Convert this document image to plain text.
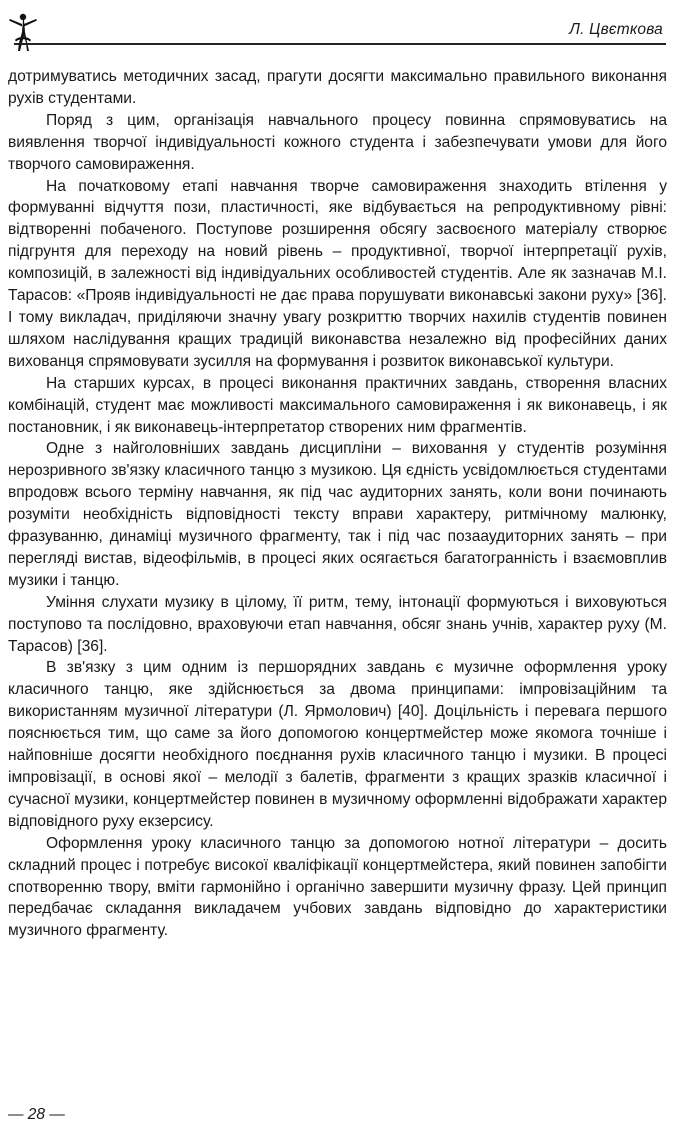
Л. Цвєткова

дотримуватись методичних засад, прагути досягти максимально правильного виконання рухів студентами.

Поряд з цим, організація навчального процесу повинна спрямовуватись на виявлення творчої індивідуальності кожного студента і забезпечувати умови для його творчого самовираження.

На початковому етапі навчання творче самовираження знаходить втілення у формуванні відчуття пози, пластичності, яке відбувається на репродуктивному рівні: відтворенні побаченого. Поступове розширення обсягу засвоєного матеріалу створює підгрунтя для переходу на новий рівень – продуктивної, творчої інтерпретації рухів, композицій, в залежності від індивідуальних особливостей студентів. Але як зазначав М.І. Тарасов: «Прояв індивідуальності не дає права порушувати виконавські закони руху» [36]. І тому викладач, приділяючи значну увагу розкриттю творчих нахилів студентів повинен шляхом наслідування кращих традицій виконавства незалежно від професійних даних вихованця спрямовувати зусилля на формування і розвиток виконавської культури.

На старших курсах, в процесі виконання практичних завдань, створення власних комбінацій, студент має можливості максимального самовираження і як виконавець, і як постановник, і як виконавець-інтерпретатор створених ним фрагментів.

Одне з найголовніших завдань дисципліни – виховання у студентів розуміння нерозривного зв'язку класичного танцю з музикою. Ця єдність усвідомлюється студентами впродовж всього терміну навчання, як під час аудиторних занять, коли вони починають розуміти необхідність відповідності тексту вправи характеру, ритмічному малюнку, фразуванню, динаміці музичного фрагменту, так і під час позааудиторних занять – при перегляді вистав, відеофільмів, в процесі яких осягається багатогранність і взаємовплив музики і танцю.

Уміння слухати музику в цілому, її ритм, тему, інтонації формуються і виховуються поступово та послідовно, враховуючи етап навчання, обсяг знань учнів, характер руху (М. Тарасов) [36].

В зв'язку з цим одним із першорядних завдань є музичне оформлення уроку класичного танцю, яке здійснюється за двома принципами: імпровізаційним та використанням музичної літератури (Л. Ярмолович) [40]. Доцільність і перевага першого пояснюється тим, що саме за його допомогою концертмейстер може якомога точніше і найповніше досягти необхідного поєднання рухів класичного танцю і музики. В процесі імпровізації, в основі якої – мелодії з балетів, фрагменти з кращих зразків класичної і сучасної музики, концертмейстер повинен в музичному оформленні відображати характер відповідного руху екзерсису.

Оформлення уроку класичного танцю за допомогою нотної літератури – досить складний процес і потребує високої кваліфікації концертмейстера, який повинен запобігти спотворенню твору, вміти гармонійно і органічно завершити музичну фразу. Цей принцип передбачає складання викладачем учбових завдань відповідно до характеристики музичного фрагменту.

— 28 —
